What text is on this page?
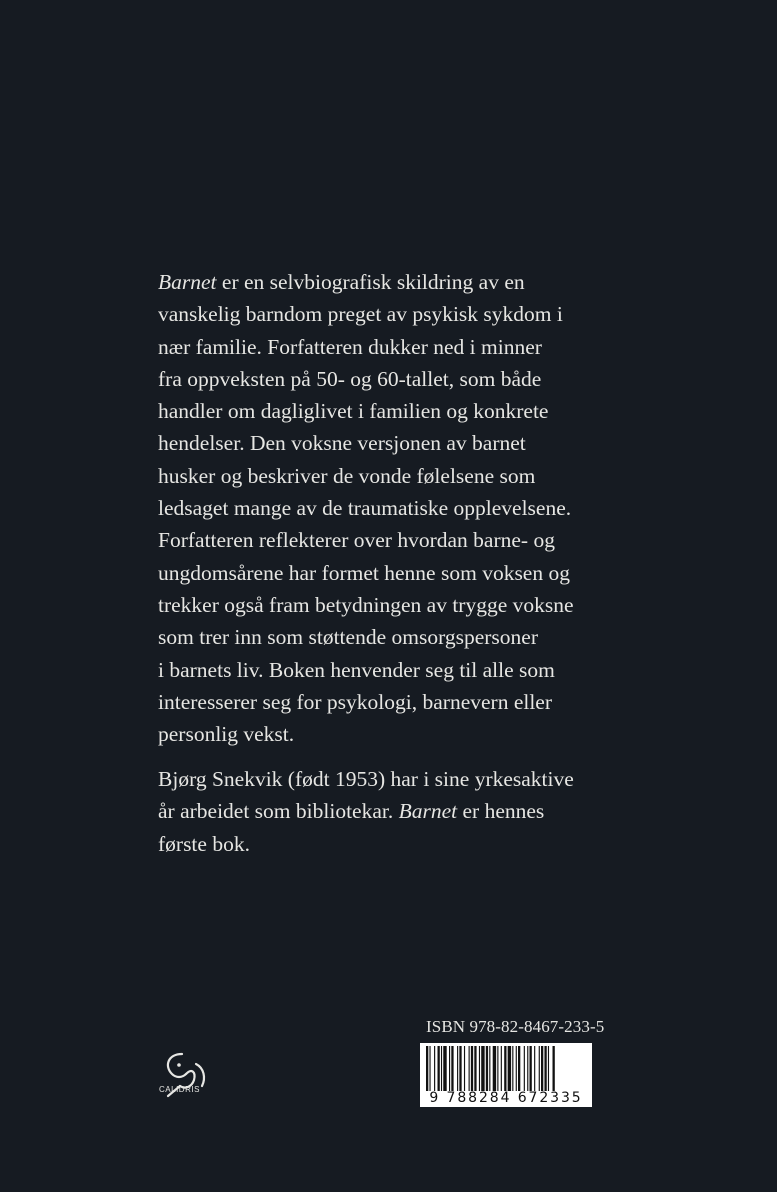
Barnet er en selvbiografisk skildring av en
vanskelig barndom preget av psykisk sykdom i
nær familie. Forfatteren dukker ned i minner
fra oppveksten på 50- og 60-tallet, som både
handler om dagliglivet i familien og konkrete
hendelser. Den voksne versjonen av barnet
husker og beskriver de vonde følelsene som
ledsaget mange av de traumatiske opplevelsene.
Forfatteren reflekterer over hvordan barne- og
ungdomsårene har formet henne som voksen og
trekker også fram betydningen av trygge voksne
som trer inn som støttende omsorgspersoner
i barnets liv. Boken henvender seg til alle som
interesserer seg for psykologi, barnevern eller
personlig vekst.
Bjørg Snekvik (født 1953) har i sine yrkesaktive
år arbeidet som bibliotekar. Barnet er hennes
første bok.
CALIDRIS
ISBN 978-82-8467-233-5
9 788284 672335
